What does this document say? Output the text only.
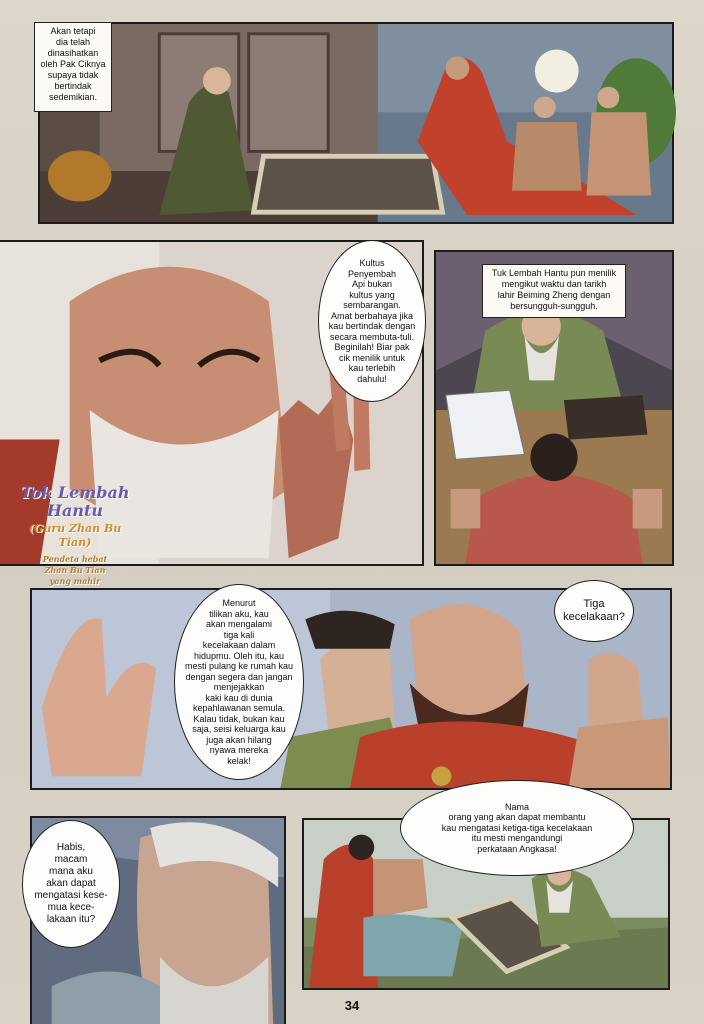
Akan tetapi
dia telah
dinasihatkan
oleh Pak Ciknya
supaya tidak
bertindak
sedemikian.
Tok Lembah
Hantu
(Guru Zhan Bu Tian)
Pendeta hebat
Zhan Bu Tian
yang mahir

Kultus
Penyembah
Api bukan
kultus yang
sembarangan.
Amat berbahaya jika
kau bertindak dengan
secara membuta-tuli.
Beginilah! Biar pak
cik menilik untuk
kau terlebih
dahulu!
Tuk Lembah Hantu pun menilik
mengikut waktu dan tarikh
lahir Beiming Zheng dengan
bersungguh-sungguh.
Menurut
tilikan aku, kau
akan mengalami
tiga kali
kecelakaan dalam
hidupmu. Oleh itu, kau
mesti pulang ke rumah kau
dengan segera dan jangan
menjejakkan
kaki kau di dunia
kepahlawanan semula.
Kalau tidak, bukan kau
saja, seisi keluarga kau
juga akan hilang
nyawa mereka
kelak!
Tiga
kecelakaan?
Habis,
macam
mana aku
akan dapat
mengatasi kese-
mua kece-
lakaan itu?
Nama
orang yang akan dapat membantu
kau mengatasi ketiga-tiga kecelakaan
itu mesti mengandungi
perkataan Angkasa!
34
